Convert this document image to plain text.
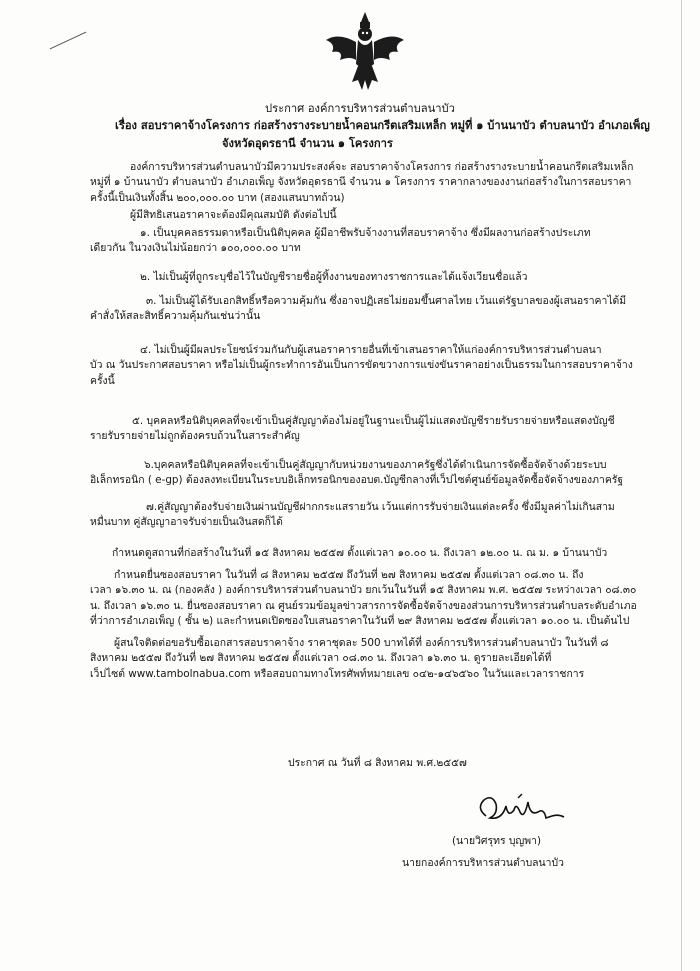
ประกาศ องค์การบริหารส่วนตำบลนาบัว
เรื่อง สอบราคาจ้างโครงการ ก่อสร้างรางระบายน้ำคอนกรีตเสริมเหล็ก หมู่ที่ ๑ บ้านนาบัว ตำบลนาบัว อำเภอเพ็ญ
จังหวัดอุดรธานี จำนวน ๑ โครงการ
องค์การบริหารส่วนตำบลนาบัวมีความประสงค์จะ สอบราคาจ้างโครงการ ก่อสร้างรางระบายน้ำคอนกรีตเสริมเหล็ก
หมู่ที่ ๑ บ้านนาบัว ตำบลนาบัว อำเภอเพ็ญ จังหวัดอุดรธานี จำนวน ๑ โครงการ ราคากลางของงานก่อสร้างในการสอบราคา
ครั้งนี้เป็นเงินทั้งสิ้น ๒๐๐,๐๐๐.๐๐ บาท (สองแสนบาทถ้วน)
ผู้มีสิทธิเสนอราคาจะต้องมีคุณสมบัติ ดังต่อไปนี้
๑. เป็นบุคคลธรรมดาหรือเป็นนิติบุคคล ผู้มีอาชีพรับจ้างงานที่สอบราคาจ้าง ซึ่งมีผลงานก่อสร้างประเภท
เดียวกัน ในวงเงินไม่น้อยกว่า ๑๐๐,๐๐๐.๐๐ บาท
๒. ไม่เป็นผู้ที่ถูกระบุชื่อไว้ในบัญชีรายชื่อผู้ทิ้งงานของทางราชการและได้แจ้งเวียนชื่อแล้ว
๓. ไม่เป็นผู้ได้รับเอกสิทธิ์หรือความคุ้มกัน ซึ่งอาจปฏิเสธไม่ยอมขึ้นศาลไทย เว้นแต่รัฐบาลของผู้เสนอราคาได้มี
คำสั่งให้สละสิทธิ์ความคุ้มกันเช่นว่านั้น
๔. ไม่เป็นผู้มีผลประโยชน์ร่วมกันกับผู้เสนอราคารายอื่นที่เข้าเสนอราคาให้แก่องค์การบริหารส่วนตำบลนา
บัว ณ วันประกาศสอบราคา หรือไม่เป็นผู้กระทำการอันเป็นการขัดขวางการแข่งขันราคาอย่างเป็นธรรมในการสอบราคาจ้าง
ครั้งนี้
๕. บุคคลหรือนิติบุคคลที่จะเข้าเป็นคู่สัญญาต้องไม่อยู่ในฐานะเป็นผู้ไม่แสดงบัญชีรายรับรายจ่ายหรือแสดงบัญชี
รายรับรายจ่ายไม่ถูกต้องครบถ้วนในสาระสำคัญ
๖.บุคคลหรือนิติบุคคลที่จะเข้าเป็นคู่สัญญากับหน่วยงานของภาครัฐซึ่งได้ดำเนินการจัดซื้อจัดจ้างด้วยระบบ
อิเล็กทรอนิก ( e-gp) ต้องลงทะเบียนในระบบอิเล็กทรอนิกของอบต.บัญชีกลางที่เว็ปไซต์ศูนย์ข้อมูลจัดซื้อจัดจ้างของภาครัฐ
๗.คู่สัญญาต้องรับจ่ายเงินผ่านบัญชีฝากกระแสรายวัน เว้นแต่การรับจ่ายเงินแต่ละครั้ง ซึ่งมีมูลค่าไม่เกินสาม
หมื่นบาท คู่สัญญาอาจรับจ่ายเป็นเงินสดก็ได้
กำหนดดูสถานที่ก่อสร้างในวันที่ ๑๕ สิงหาคม ๒๕๕๗ ตั้งแต่เวลา ๑๐.๐๐ น. ถึงเวลา ๑๒.๐๐ น. ณ ม. ๑ บ้านนาบัว
กำหนดยื่นซองสอบราคา ในวันที่ ๘ สิงหาคม ๒๕๕๗ ถึงวันที่ ๒๗ สิงหาคม ๒๕๕๗ ตั้งแต่เวลา ๐๘.๓๐ น. ถึง
เวลา ๑๖.๓๐ น. ณ (กองคลัง ) องค์การบริหารส่วนตำบลนาบัว ยกเว้นในวันที่ ๑๕ สิงหาคม พ.ศ. ๒๕๕๗ ระหว่างเวลา ๐๘.๓๐
น. ถึงเวลา ๑๖.๓๐ น. ยื่นซองสอบราคา ณ ศูนย์รวมข้อมูลข่าวสารการจัดซื้อจัดจ้างของส่วนการบริหารส่วนตำบลระดับอำเภอ
ที่ว่าการอำเภอเพ็ญ ( ชั้น ๒) และกำหนดเปิดซองใบเสนอราคาในวันที่ ๒๙ สิงหาคม ๒๕๕๗ ตั้งแต่เวลา ๑๐.๐๐ น. เป็นต้นไป
ผู้สนใจติดต่อขอรับซื้อเอกสารสอบราคาจ้าง ราคาชุดละ 500 บาทได้ที่ องค์การบริหารส่วนตำบลนาบัว ในวันที่ ๘
สิงหาคม ๒๕๕๗ ถึงวันที่ ๒๗ สิงหาคม ๒๕๕๗ ตั้งแต่เวลา ๐๘.๓๐ น. ถึงเวลา ๑๖.๓๐ น. ดูรายละเอียดได้ที่
เว็ปไซต์ www.tambolnabua.com หรือสอบถามทางโทรศัพท์หมายเลข ๐๔๒-๑๔๖๕๖๐ ในวันและเวลาราชการ
ประกาศ ณ วันที่ ๘ สิงหาคม พ.ศ.๒๕๕๗
(นายวิศรุทร บุญพา)
นายกองค์การบริหารส่วนตำบลนาบัว
